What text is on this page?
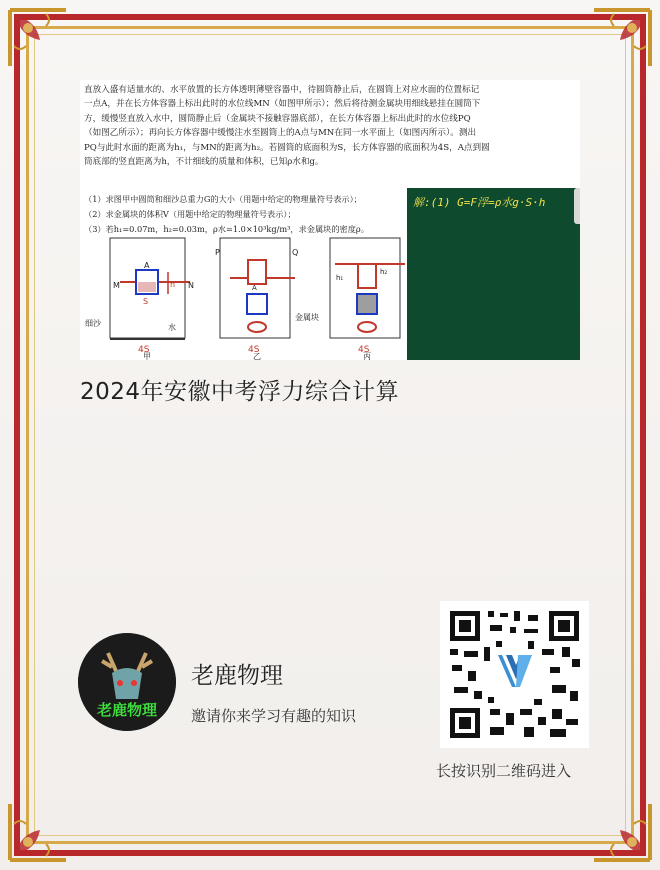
直放入盛有适量水的、水平放置的长方体透明薄壁容器中，待圆筒静止后，在圆筒上对应水面的位置标记
一点A，并在长方体容器上标出此时的水位线MN（如图甲所示）；然后将待测金属块用细线悬挂在圆筒下
方，缓慢竖直放入水中，圆筒静止后（金属块不接触容器底部），在长方体容器上标出此时的水位线PQ
（如图乙所示）；再向长方体容器中缓慢注水至圆筒上的A点与MN在同一水平面上（如图丙所示）。测出
PQ与此时水面的距离为h₁，与MN的距离为h₂。若圆筒的底面积为S，长方体容器的底面积为4S，A点到圆
筒底部的竖直距离为h，不计细线的质量和体积，已知ρ水和g。
（1）求图甲中圆筒和细沙总重力G的大小（用题中给定的物理量符号表示）；
（2）求金属块的体积V（用题中给定的物理量符号表示）；
（3）若h₁=0.07m，h₂=0.03m，ρ水=1.0×10³kg/m³，求金属块的密度ρ。
解:(1) G=F浮=ρ水g·S·h
M	N
A
h
S
细沙	水
4S
甲
P	Q
A
金属块
4S
乙
h₁
h₂
4S
丙
2024年安徽中考浮力综合计算
老鹿物理
老鹿物理
邀请你来学习有趣的知识
长按识别二维码进入
